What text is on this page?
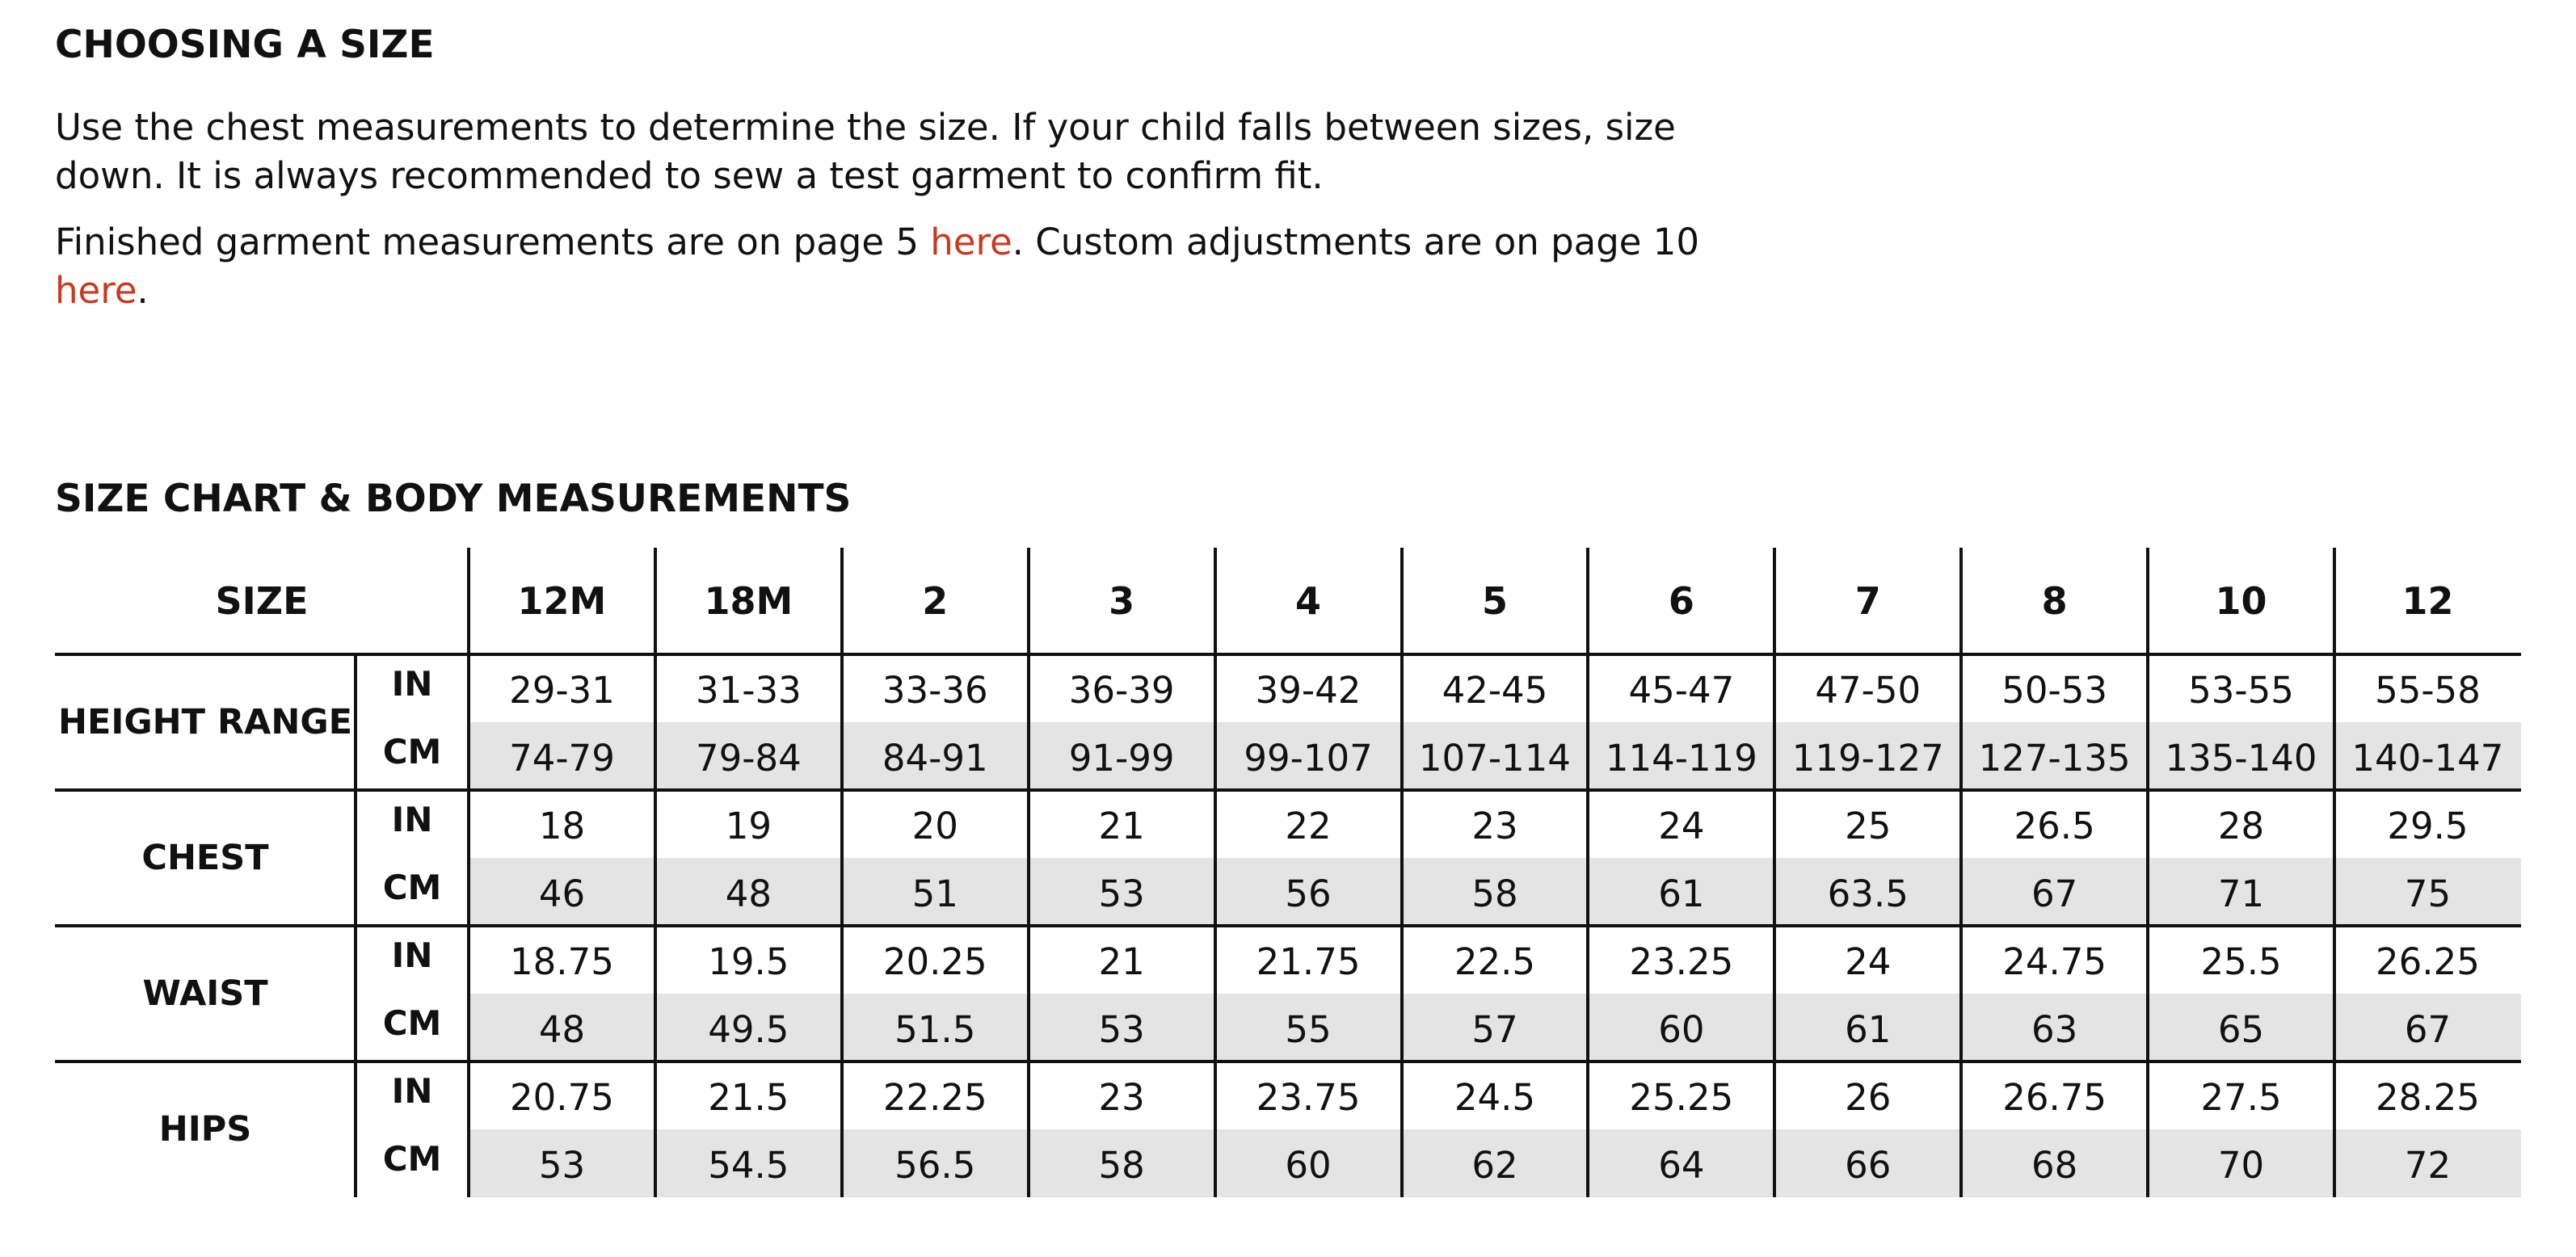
CHOOSING A SIZE

Use the chest measurements to determine the size. If your child falls between sizes, size down. It is always recommended to sew a test garment to confirm fit.

Finished garment measurements are on page 5 here. Custom adjustments are on page 10 here.

SIZE CHART & BODY MEASUREMENTS
SIZE	12M	18M	2	3	4	5	6	7	8	10	12
HEIGHT RANGE
IN	29-31	31-33	33-36	36-39	39-42	42-45	45-47	47-50	50-53	53-55	55-58
CM	74-79	79-84	84-91	91-99	99-107	107-114 114-119 119-127 127-135 135-140 140-147
CHEST
IN	18	19	20	21	22	23	24	25	26.5	28	29.5
CM	46	48	51	53	56	58	61	63.5	67	71	75
WAIST
IN	18.75	19.5	20.25	21	21.75	22.5	23.25	24	24.75	25.5	26.25
CM	48	49.5	51.5	53	55	57	60	61	63	65	67
HIPS
IN	20.75	21.5	22.25	23	23.75	24.5	25.25	26	26.75	27.5	28.25
CM	53	54.5	56.5	58	60	62	64	66	68	70	72
